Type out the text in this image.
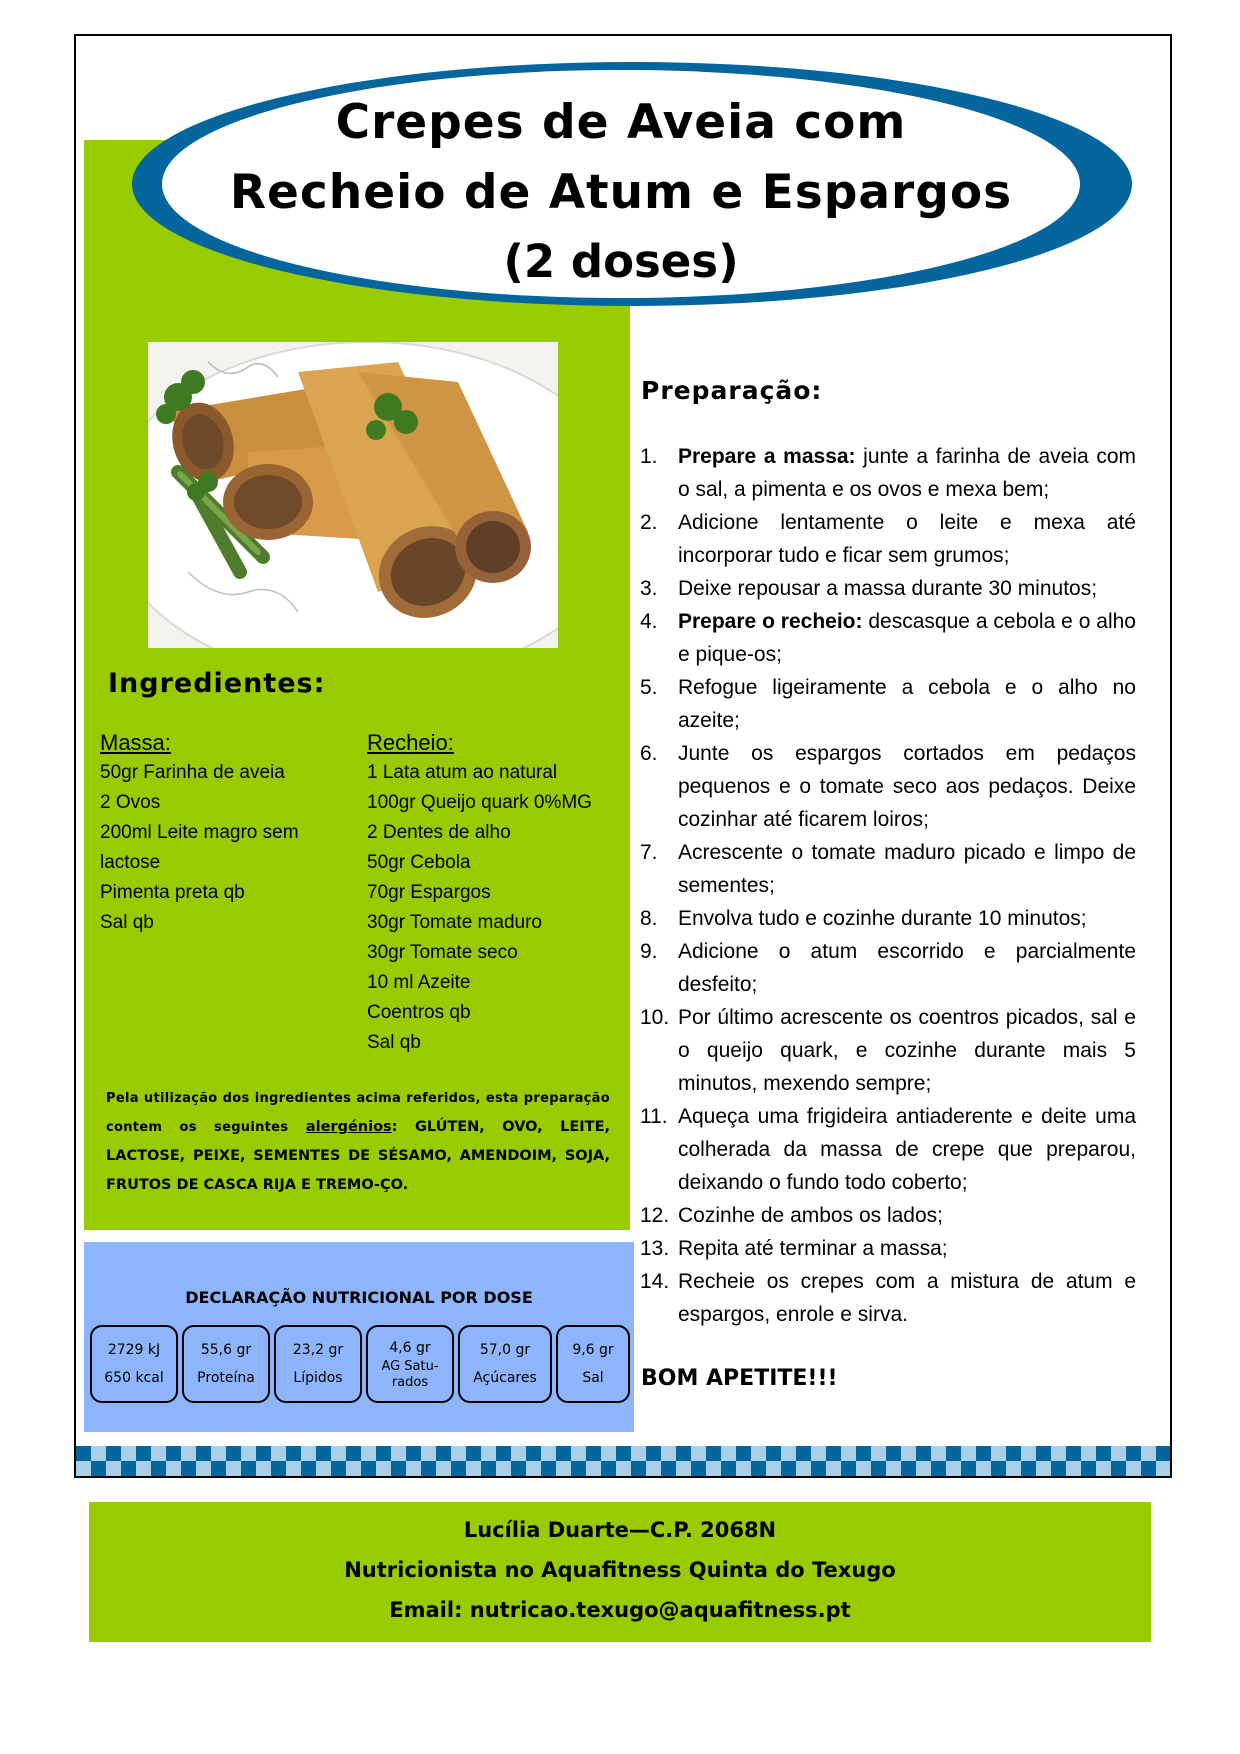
Crepes de Aveia com
Recheio de Atum e Espargos
(2 doses)
Ingredientes:
Massa:
50gr Farinha de aveia
2 Ovos
200ml Leite magro sem
lactose
Pimenta preta qb
Sal qb
Recheio:
1 Lata atum ao natural
100gr Queijo quark 0%MG
2 Dentes de alho
50gr Cebola
70gr Espargos
30gr Tomate maduro
30gr Tomate seco
10 ml Azeite
Coentros qb
Sal qb
Pela utilização dos ingredientes acima referidos, esta preparação contem os seguintes alergénios: GLÚTEN, OVO, LEITE, LACTOSE, PEIXE, SEMENTES DE SÉSAMO, AMENDOIM, SOJA, FRUTOS DE CASCA RIJA E TREMO-ÇO.
DECLARAÇÃO NUTRICIONAL POR DOSE
2729 kJ
650 kcal
55,6 gr
Proteína
23,2 gr
Lípidos
4,6 gr
AG Satu-
rados
57,0 gr
Açúcares
9,6 gr
Sal
Preparação:
1. Prepare a massa: junte a farinha de aveia com o sal, a pimenta e os ovos e mexa bem;
2. Adicione lentamente o leite e mexa até incorporar tudo e ficar sem grumos;
3. Deixe repousar a massa durante 30 minutos;
4. Prepare o recheio: descasque a cebola e o alho e pique-os;
5. Refogue ligeiramente a cebola e o alho no azeite;
6. Junte os espargos cortados em pedaços pequenos e o tomate seco aos pedaços. Deixe cozinhar até ficarem loiros;
7. Acrescente o tomate maduro picado e limpo de sementes;
8. Envolva tudo e cozinhe durante 10 minutos;
9. Adicione o atum escorrido e parcialmente desfeito;
10. Por último acrescente os coentros picados, sal e o queijo quark, e cozinhe durante mais 5 minutos, mexendo sempre;
11. Aqueça uma frigideira antiaderente e deite uma colherada da massa de crepe que preparou, deixando o fundo todo coberto;
12. Cozinhe de ambos os lados;
13. Repita até terminar a massa;
14. Recheie os crepes com a mistura de atum e espargos, enrole e sirva.
BOM APETITE!!!
Lucília Duarte—C.P. 2068N
Nutricionista no Aquafitness Quinta do Texugo
Email: nutricao.texugo@aquafitness.pt
